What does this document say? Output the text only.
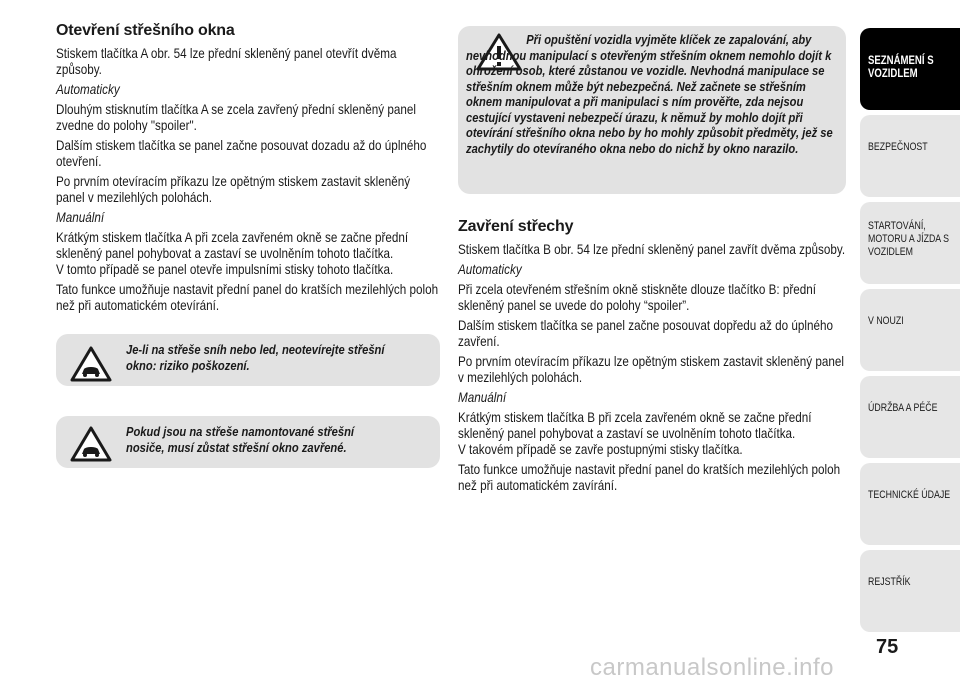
Otevření střešního okna

Stiskem tlačítka A obr. 54 lze přední skleněný panel otevřít dvěma způsoby.

Automaticky

Dlouhým stisknutím tlačítka A se zcela zavřený přední skleněný panel zvedne do polohy "spoiler".

Dalším stiskem tlačítka se panel začne posouvat dozadu až do úplného otevření.

Po prvním otevíracím příkazu lze opětným stiskem zastavit skleněný panel v mezilehlých polohách.

Manuální

Krátkým stiskem tlačítka A při zcela zavřeném okně se začne přední skleněný panel pohybovat a zastaví se uvolněním tohoto tlačítka.

V tomto případě se panel otevře impulsními stisky tohoto tlačítka.

Tato funkce umožňuje nastavit přední panel do kratších mezilehlých poloh než při automatickém otevírání.

Je-li na střeše sníh nebo led, neotevírejte střešní okno: riziko poškození.
Pokud jsou na střeše namontované střešní nosiče, musí zůstat střešní okno zavřené.
Při opuštění vozidla vyjměte klíček ze zapalování, aby nevhodnou manipulací s otevřeným střešním oknem nemohlo dojít k ohrožení osob, které zůstanou ve vozidle. Nevhodná manipulace se střešním oknem může být nebezpečná. Než začnete se střešním oknem manipulovat a při manipulaci s ním prověřte, zda nejsou cestující vystaveni nebezpečí úrazu, k němuž by mohlo dojít při otevírání střešního okna nebo by ho mohly způsobit předměty, jež se zachytily do otevíraného okna nebo do nichž by okno narazilo.
Zavření střechy

Stiskem tlačítka B obr. 54 lze přední skleněný panel zavřít dvěma způsoby.

Automaticky

Při zcela otevřeném střešním okně stiskněte dlouze tlačítko B: přední skleněný panel se uvede do polohy “spoiler”.

Dalším stiskem tlačítka se panel začne posouvat dopředu až do úplného zavření.

Po prvním otevíracím příkazu lze opětným stiskem zastavit skleněný panel v mezilehlých polohách.

Manuální

Krátkým stiskem tlačítka B při zcela zavřeném okně se začne přední skleněný panel pohybovat a zastaví se uvolněním tohoto tlačítka.

V takovém případě se zavře postupnými stisky tlačítka.

Tato funkce umožňuje nastavit přední panel do kratších mezilehlých poloh než při automatickém zavírání.

SEZNÁMENÍ S VOZIDLEM
BEZPEČNOST
STARTOVÁNÍ, MOTORU A JÍZDA S VOZIDLEM
V NOUZI
ÚDRŽBA A PÉČE
TECHNICKÉ ÚDAJE
REJSTŘÍK
75
carmanualsonline.info
